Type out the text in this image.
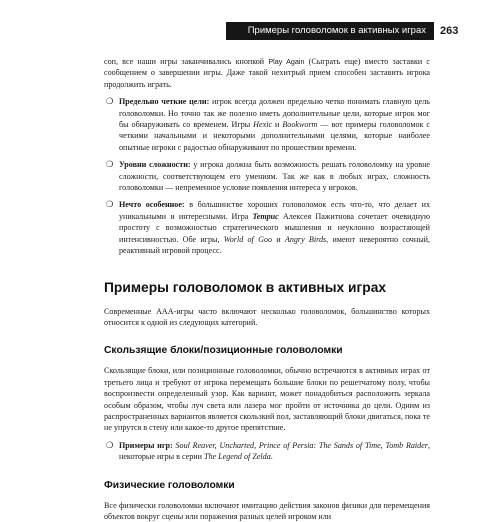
Примеры головоломок в активных играх 263

соп, все наши игры заканчивались кнопкой Play Again (Сыграть еще) вместо заставки с сообщением о завершении игры. Даже такой нехитрый прием способен заставить игрока продолжить играть.

❍ Предельно четкие цели: игрок всегда должен предельно четко понимать главную цель головоломки. Но точно так же полезно иметь дополнительные цели, которые игрок мог бы обнаруживать со временем. Игры Hexic и Bookworm — вот примеры головоломок с четкими начальными и некоторыми дополнительными целями, которые наиболее опытные игроки с радостью обнаруживают по прошествии времени.

❍ Уровни сложности: у игрока должна быть возможность решать головоломку на уровне сложности, соответствующем его умениям. Так же как в любых играх, сложность головоломки — непременное условие появления интереса у игроков.

❍ Нечто особенное: в большинстве хороших головоломок есть что-то, что делает их уникальными и интересными. Игра Tempuc Алексея Пажитнова сочетает очевидную простоту с возможностью стратегического мышления и неуклонно возрастающей интенсивностью. Обе игры, World of Goo и Angry Birds, имеют невероятно сочный, реактивный игровой процесс.

Примеры головоломок в активных играх

Современные AAA-игры часто включают несколько головоломок, большинство которых относится к одной из следующих категорий.

Скользящие блоки/позиционные головоломки

Скользящие блоки, или позиционные головоломки, обычно встречаются в активных играх от третьего лица и требуют от игрока перемещать большие блоки по решетчатому полу, чтобы воспроизвести определенный узор. Как вариант, может понадобиться расположить зеркала особым образом, чтобы луч света или лазера мог пройти от источника до цели. Одним из распространенных вариантов является скользкий пол, заставляющий блоки двигаться, пока те не упрутся в стену или какое-то другое препятствие.

❍ Примеры игр: Soul Reaver, Uncharted, Prince of Persia: The Sands of Time, Tomb Raider, некоторые игры в серии The Legend of Zelda.

Физические головоломки

Все физически головоломки включают имитацию действия законов физики для перемещения объектов вокруг сцены или поражения разных целей игроком или
